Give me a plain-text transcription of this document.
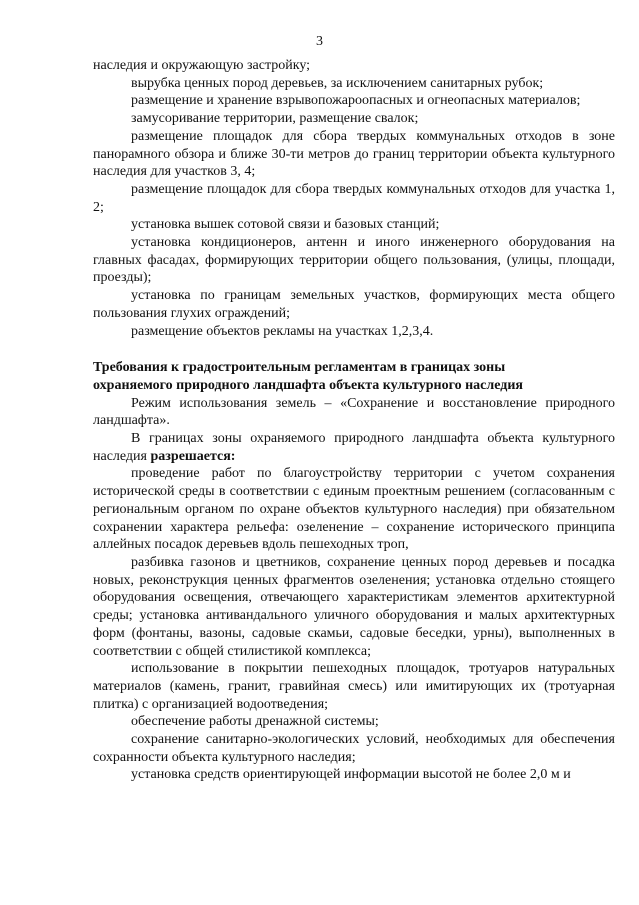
3

наследия и окружающую застройку;

вырубка ценных пород деревьев, за исключением санитарных рубок;

размещение и хранение взрывопожароопасных и огнеопасных материалов;

замусоривание территории, размещение свалок;

размещение площадок для сбора твердых коммунальных отходов в зоне панорамного обзора и ближе 30-ти метров до границ территории объекта культурного наследия для участков 3, 4;

размещение площадок для сбора твердых коммунальных отходов для участка 1, 2;

установка вышек сотовой связи и базовых станций;

установка кондиционеров, антенн и иного инженерного оборудования на главных фасадах, формирующих территории общего пользования, (улицы, площади, проезды);

установка по границам земельных участков, формирующих места общего пользования глухих ограждений;

размещение объектов рекламы на участках 1,2,3,4.

Требования к градостроительным регламентам в границах зоны охраняемого природного ландшафта объекта культурного наследия

Режим использования земель – «Сохранение и восстановление природного ландшафта».

В границах зоны охраняемого природного ландшафта объекта культурного наследия разрешается:

проведение работ по благоустройству территории с учетом сохранения исторической среды в соответствии с единым проектным решением (согласованным с региональным органом по охране объектов культурного наследия) при обязательном сохранении характера рельефа: озеленение – сохранение исторического принципа аллейных посадок деревьев вдоль пешеходных троп,

разбивка газонов и цветников, сохранение ценных пород деревьев и посадка новых, реконструкция ценных фрагментов озеленения; установка отдельно стоящего оборудования освещения, отвечающего характеристикам элементов архитектурной среды; установка антивандального уличного оборудования и малых архитектурных форм (фонтаны, вазоны, садовые скамьи, садовые беседки, урны), выполненных в соответствии с общей стилистикой комплекса;

использование в покрытии пешеходных площадок, тротуаров натуральных материалов (камень, гранит, гравийная смесь) или имитирующих их (тротуарная плитка) с организацией водоотведения;

обеспечение работы дренажной системы;

сохранение санитарно-экологических условий, необходимых для обеспечения сохранности объекта культурного наследия;

установка средств ориентирующей информации высотой не более 2,0 м и
